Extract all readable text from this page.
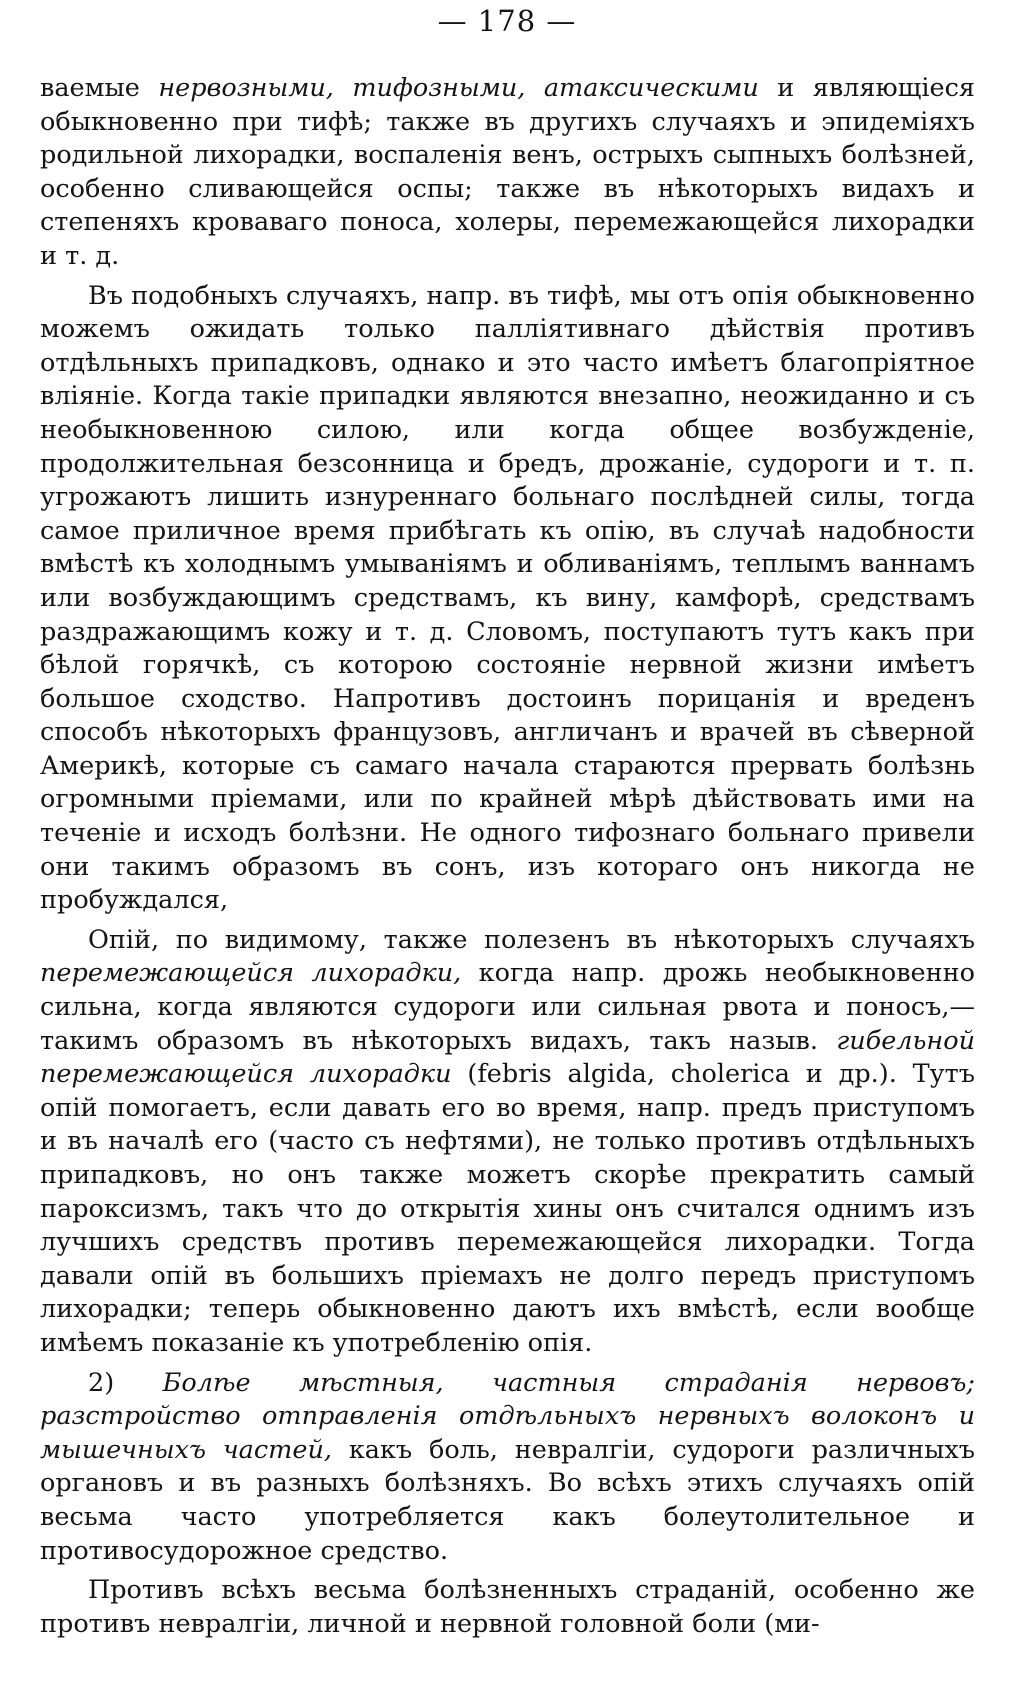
— 178 —

ваемые нервозными, тифозными, атаксическими и являющіеся обыкновенно при тифѣ; также въ другихъ случаяхъ и эпидеміяхъ родильной лихорадки, воспаленія венъ, острыхъ сыпныхъ болѣзней, особенно сливающейся оспы; также въ нѣкоторыхъ видахъ и степеняхъ кроваваго поноса, холеры, перемежающейся лихорадки и т. д.

Въ подобныхъ случаяхъ, напр. въ тифѣ, мы отъ опія обыкновенно можемъ ожидать только палліятивнаго дѣйствія противъ отдѣльныхъ припадковъ, однако и это часто имѣетъ благопріятное вліяніе. Когда такіе припадки являются внезапно, неожиданно и съ необыкновенною силою, или когда общее возбужденіе, продолжительная безсонница и бредъ, дрожаніе, судороги и т. п. угрожаютъ лишить изнуреннаго больнаго послѣдней силы, тогда самое приличное время прибѣгать къ опію, въ случаѣ надобности вмѣстѣ къ холоднымъ умываніямъ и обливаніямъ, теплымъ ваннамъ или возбуждающимъ средствамъ, къ вину, камфорѣ, средствамъ раздражающимъ кожу и т. д. Словомъ, поступаютъ тутъ какъ при бѣлой горячкѣ, съ которою состояніе нервной жизни имѣетъ большое сходство. Напротивъ достоинъ порицанія и вреденъ способъ нѣкоторыхъ французовъ, англичанъ и врачей въ сѣверной Америкѣ, которые съ самаго начала стараются прервать болѣзнь огромными пріемами, или по крайней мѣрѣ дѣйствовать ими на теченіе и исходъ болѣзни. Не одного тифознаго больнаго привели они такимъ образомъ въ сонъ, изъ котораго онъ никогда не пробуждался,

Опій, по видимому, также полезенъ въ нѣкоторыхъ случаяхъ перемежающейся лихорадки, когда напр. дрожь необыкновенно сильна, когда являются судороги или сильная рвота и поносъ,— такимъ образомъ въ нѣкоторыхъ видахъ, такъ назыв. гибельной перемежающейся лихорадки (febris algida, cholerica и др.). Тутъ опій помогаетъ, если давать его во время, напр. предъ приступомъ и въ началѣ его (часто съ нефтями), не только противъ отдѣльныхъ припадковъ, но онъ также можетъ скорѣе прекратить самый пароксизмъ, такъ что до открытія хины онъ считался однимъ изъ лучшихъ средствъ противъ перемежающейся лихорадки. Тогда давали опій въ большихъ пріемахъ не долго передъ приступомъ лихорадки; теперь обыкновенно даютъ ихъ вмѣстѣ, если вообще имѣемъ показаніе къ употребленію опія.

2) Болѣе мѣстныя, частныя страданія нервовъ; разстройство отправленія отдѣльныхъ нервныхъ волоконъ и мышечныхъ частей, какъ боль, невралгіи, судороги различныхъ органовъ и въ разныхъ болѣзняхъ. Во всѣхъ этихъ случаяхъ опій весьма часто употребляется какъ болеутолительное и противосудорожное средство.

Противъ всѣхъ весьма болѣзненныхъ страданій, особенно же противъ невралгіи, личной и нервной головной боли (ми-
